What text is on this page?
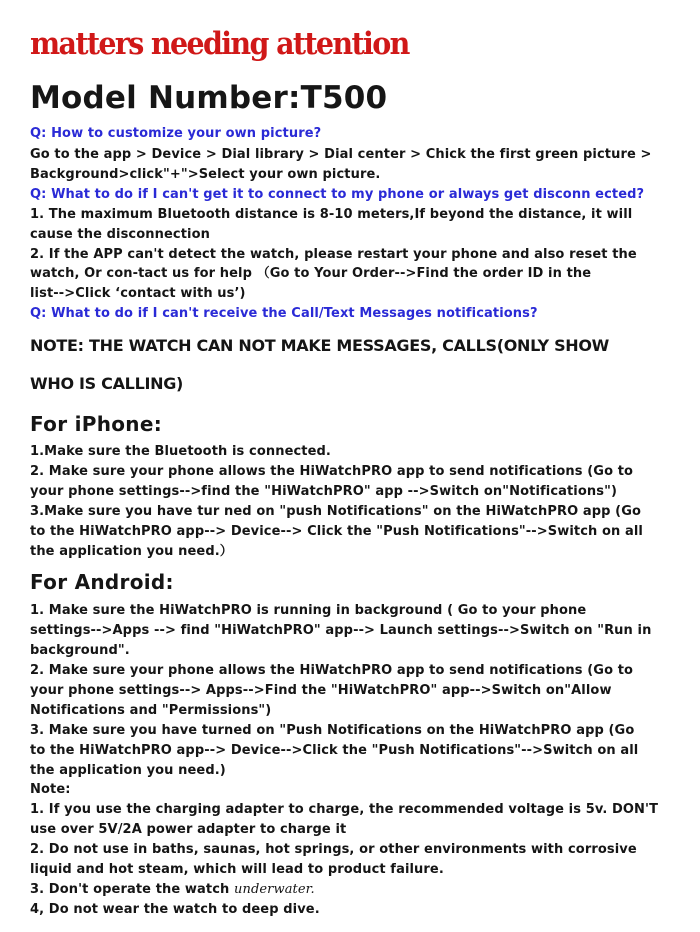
matters needing attention
Model Number:T500
Q: How to customize your own picture?
Go to the app > Device > Dial library > Dial center > Chick the first green picture >
Background>click"+">Select your own picture.
Q: What to do if I can't get it to connect to my phone or always get disconn ected?
1. The maximum Bluetooth distance is 8-10 meters,If beyond the distance, it will
cause the disconnection
2. If the APP can't detect the watch, please restart your phone and also reset the
watch, Or con-tact us for help （Go to Your Order-->Find the order ID in the
list-->Click ‘contact with us’)
Q: What to do if I can't receive the Call/Text Messages notifications?
NOTE: THE WATCH CAN NOT MAKE MESSAGES, CALLS(ONLY SHOW
WHO IS CALLING)
For iPhone:
1.Make sure the Bluetooth is connected.
2. Make sure your phone allows the HiWatchPRO app to send notifications (Go to
your phone settings-->find the "HiWatchPRO" app -->Switch on"Notifications")
3.Make sure you have tur ned on "push Notifications" on the HiWatchPRO app (Go
to the HiWatchPRO app--> Device--> Click the "Push Notifications"-->Switch on all
the application you need.）
For Android:
1. Make sure the HiWatchPRO is running in background ( Go to your phone
settings-->Apps --> find "HiWatchPRO" app--> Launch settings-->Switch on "Run in
background".
2. Make sure your phone allows the HiWatchPRO app to send notifications (Go to
your phone settings--> Apps-->Find the "HiWatchPRO" app-->Switch on"Allow
Notifications and "Permissions")
3. Make sure you have turned on "Push Notifications on the HiWatchPRO app (Go
to the HiWatchPRO app--> Device-->Click the "Push Notifications"-->Switch on all
the application you need.)
Note:
1. If you use the charging adapter to charge, the recommended voltage is 5v. DON'T
use over 5V/2A power adapter to charge it
2. Do not use in baths, saunas, hot springs, or other environments with corrosive
liquid and hot steam, which will lead to product failure.
3. Don't operate the watch underwater.
4, Do not wear the watch to deep dive.
